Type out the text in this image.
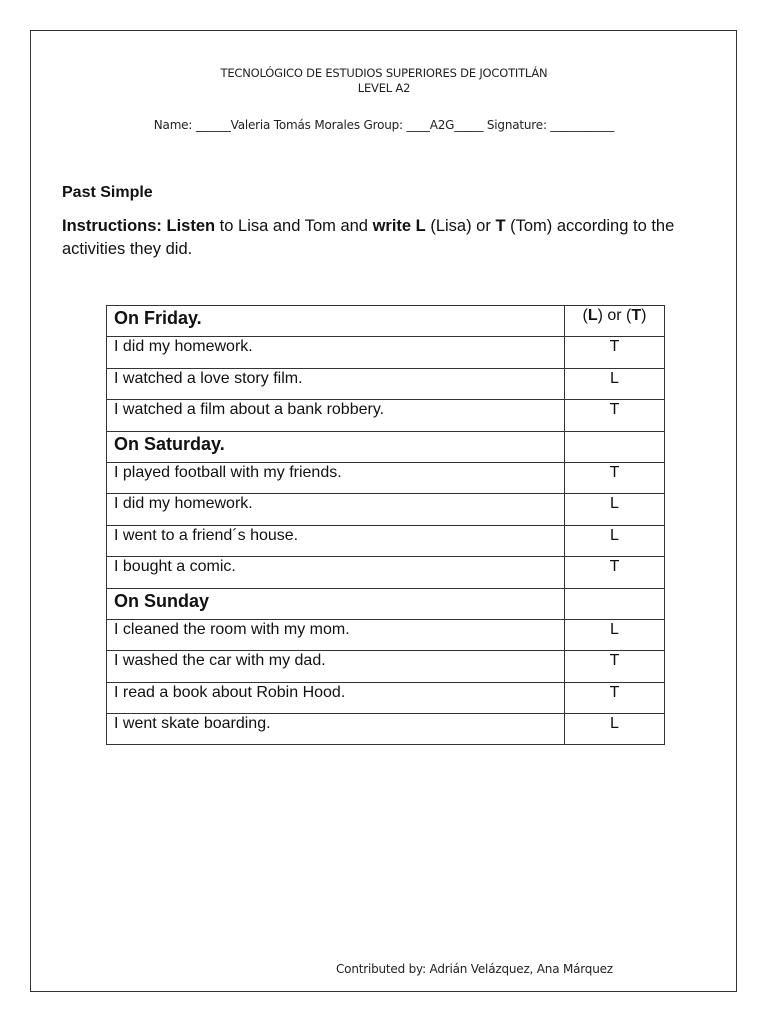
TECNOLÓGICO DE ESTUDIOS SUPERIORES DE JOCOTITLÁN
LEVEL A2
Name: ______Valeria Tomás Morales Group: ____A2G_____ Signature: ___________
Past Simple
Instructions: Listen to Lisa and Tom and write L (Lisa) or T (Tom) according to the activities they did.
On Friday.	(L) or (T)
I did my homework.	T
I watched a love story film.	L
I watched a film about a bank robbery.	T
On Saturday.	
I played football with my friends.	T
I did my homework.	L
I went to a friend´s house.	L
I bought a comic.	T
On Sunday	
I cleaned the room with my mom.	L
I washed the car with my dad.	T
I read a book about Robin Hood.	T
I went skate boarding.	L
Contributed by: Adrián Velázquez, Ana Márquez
